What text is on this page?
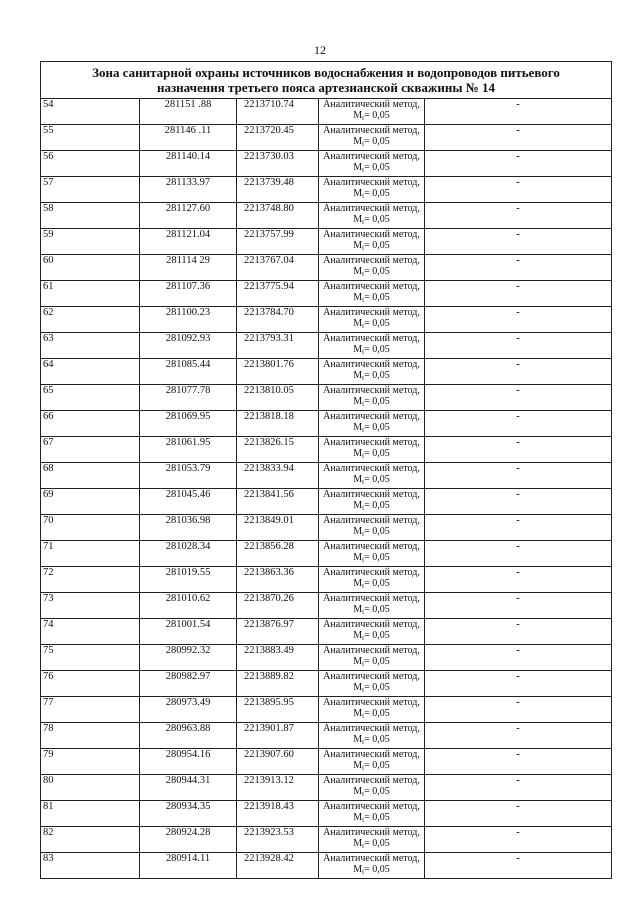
12
Зона санитарной охраны источников водоснабжения и водопроводов питьевого
назначения третьего пояса артезианской скважины № 14				
54	281151 .88	2213710.74	Аналитический метод,
$M_t= 0,05$	-
55	281146 .11	2213720.45	Аналитический метод,
$M_t= 0,05$	-
56	281140.14	2213730.03	Аналитический метод,
$M_t= 0,05$	-
57	281133.97	2213739.48	Аналитический метод,
$M_t= 0,05$	-
58	281127.60	2213748.80	Аналитический метод,
$M_t= 0,05$	-
59	281121.04	2213757.99	Аналитический метод,
$M_t= 0,05$	-
60	281114 29	2213767.04	Аналитический метод,
$M_t= 0,05$	-
61	281107.36	2213775.94	Аналитический метод,
$M_t= 0,05$	-
62	281100.23	2213784.70	Аналитический метод,
$M_t= 0,05$	-
63	281092.93	2213793.31	Аналитический метод,
$M_t= 0,05$	-
64	281085.44	2213801.76	Аналитический метод,
$M_t= 0,05$	-
65	281077.78	2213810.05	Аналитический метод,
$M_t= 0,05$	-
66	281069.95	2213818.18	Аналитический метод,
$M_t= 0,05$	-
67	281061.95	2213826.15	Аналитический метод,
$M_t= 0,05$	-
68	281053.79	2213833.94	Аналитический метод,
$M_t= 0,05$	-
69	281045.46	2213841.56	Аналитический метод,
$M_t= 0,05$	-
70	281036.98	2213849.01	Аналитический метод,
$M_t= 0,05$	-
71	281028.34	2213856.28	Аналитический метод,
$M_t= 0,05$	-
72	281019.55	2213863.36	Аналитический метод,
$M_t= 0,05$	-
73	281010.62	2213870.26	Аналитический метод,
$M_t= 0,05$	-
74	281001.54	2213876.97	Аналитический метод,
$M_t= 0,05$	-
75	280992.32	2213883.49	Аналитический метод,
$M_t= 0,05$	-
76	280982.97	2213889.82	Аналитический метод,
$M_t= 0,05$	-
77	280973.49	2213895.95	Аналитический метод,
$M_t= 0,05$	-
78	280963.88	2213901.87	Аналитический метод,
$M_t= 0,05$	-
79	280954.16	2213907.60	Аналитический метод,
$M_t= 0,05$	-
80	280944.31	2213913.12	Аналитический метод,
$M_t= 0,05$	-
81	280934.35	2213918.43	Аналитический метод,
$M_t= 0,05$	-
82	280924.28	2213923.53	Аналитический метод,
$M_t= 0,05$	-
83	280914.11	2213928.42	Аналитический метод,
$M_t= 0,05$	-
